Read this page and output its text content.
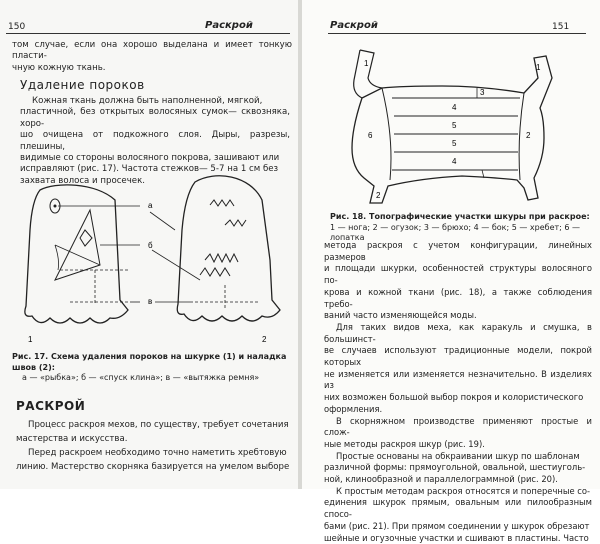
150	Раскрой

том случае, если она хорошо выделана и имеет тонкую пласти-

чную кожную ткань.

Удаление пороков

Кожная ткань должна быть наполненной, мягкой,

пластичной, без открытых волосяных сумок— сквозняка, хоро-

шо очищена от подкожного слоя. Дыры, разрезы, плешины,

видимые со стороны волосяного покрова, зашивают или

исправляют (рис. 17). Частота стежков— 5-7 на 1 см без

захвата волоса и просечек.

а
б
в
1	2
Рис. 17. Схема удаления пороков на шкурке (1) и наладка швов (2):
а — «рыбка»; б — «спуск клина»; в — «вытяжка ремня»
РАСКРОЙ

Процесс раскроя мехов, по существу, требует сочетания

мастерства и искусства.

Перед раскроем необходимо точно наметить хребтовую

линию. Мастерство скорняка базируется на умелом выборе

Раскрой	151
1	1
6	2
2
3
4
5
5
4
Рис. 18. Топографические участки шкуры при раскрое:
1 — нога; 2 — огузок; 3 — брюхо; 4 — бок; 5 — хребет; 6 — лопатка

метода раскроя с учетом конфигурации, линейных размеров

и площади шкурки, особенностей структуры волосяного по-

крова и кожной ткани (рис. 18), а также соблюдения требо-

ваний часто изменяющейся моды.

Для таких видов меха, как каракуль и смушка, в большинст-

ве случаев используют традиционные модели, покрой которых

не изменяется или изменяется незначительно. В изделиях из

них возможен большой выбор покроя и колористического

оформления.

В скорняжном производстве применяют простые и слож-

ные методы раскроя шкур (рис. 19).

Простые основаны на обкраивании шкур по шаблонам

различной формы: прямоугольной, овальной, шестиуголь-

ной, клинообразной и параллелограммной (рис. 20).

К простым методам раскроя относятся и поперечные со-

единения шкурок прямым, овальным или пилообразным спосо-

бами (рис. 21). При прямом соединении у шкурок обрезают

шейные и огузочные участки и сшивают в пластины. Часто
